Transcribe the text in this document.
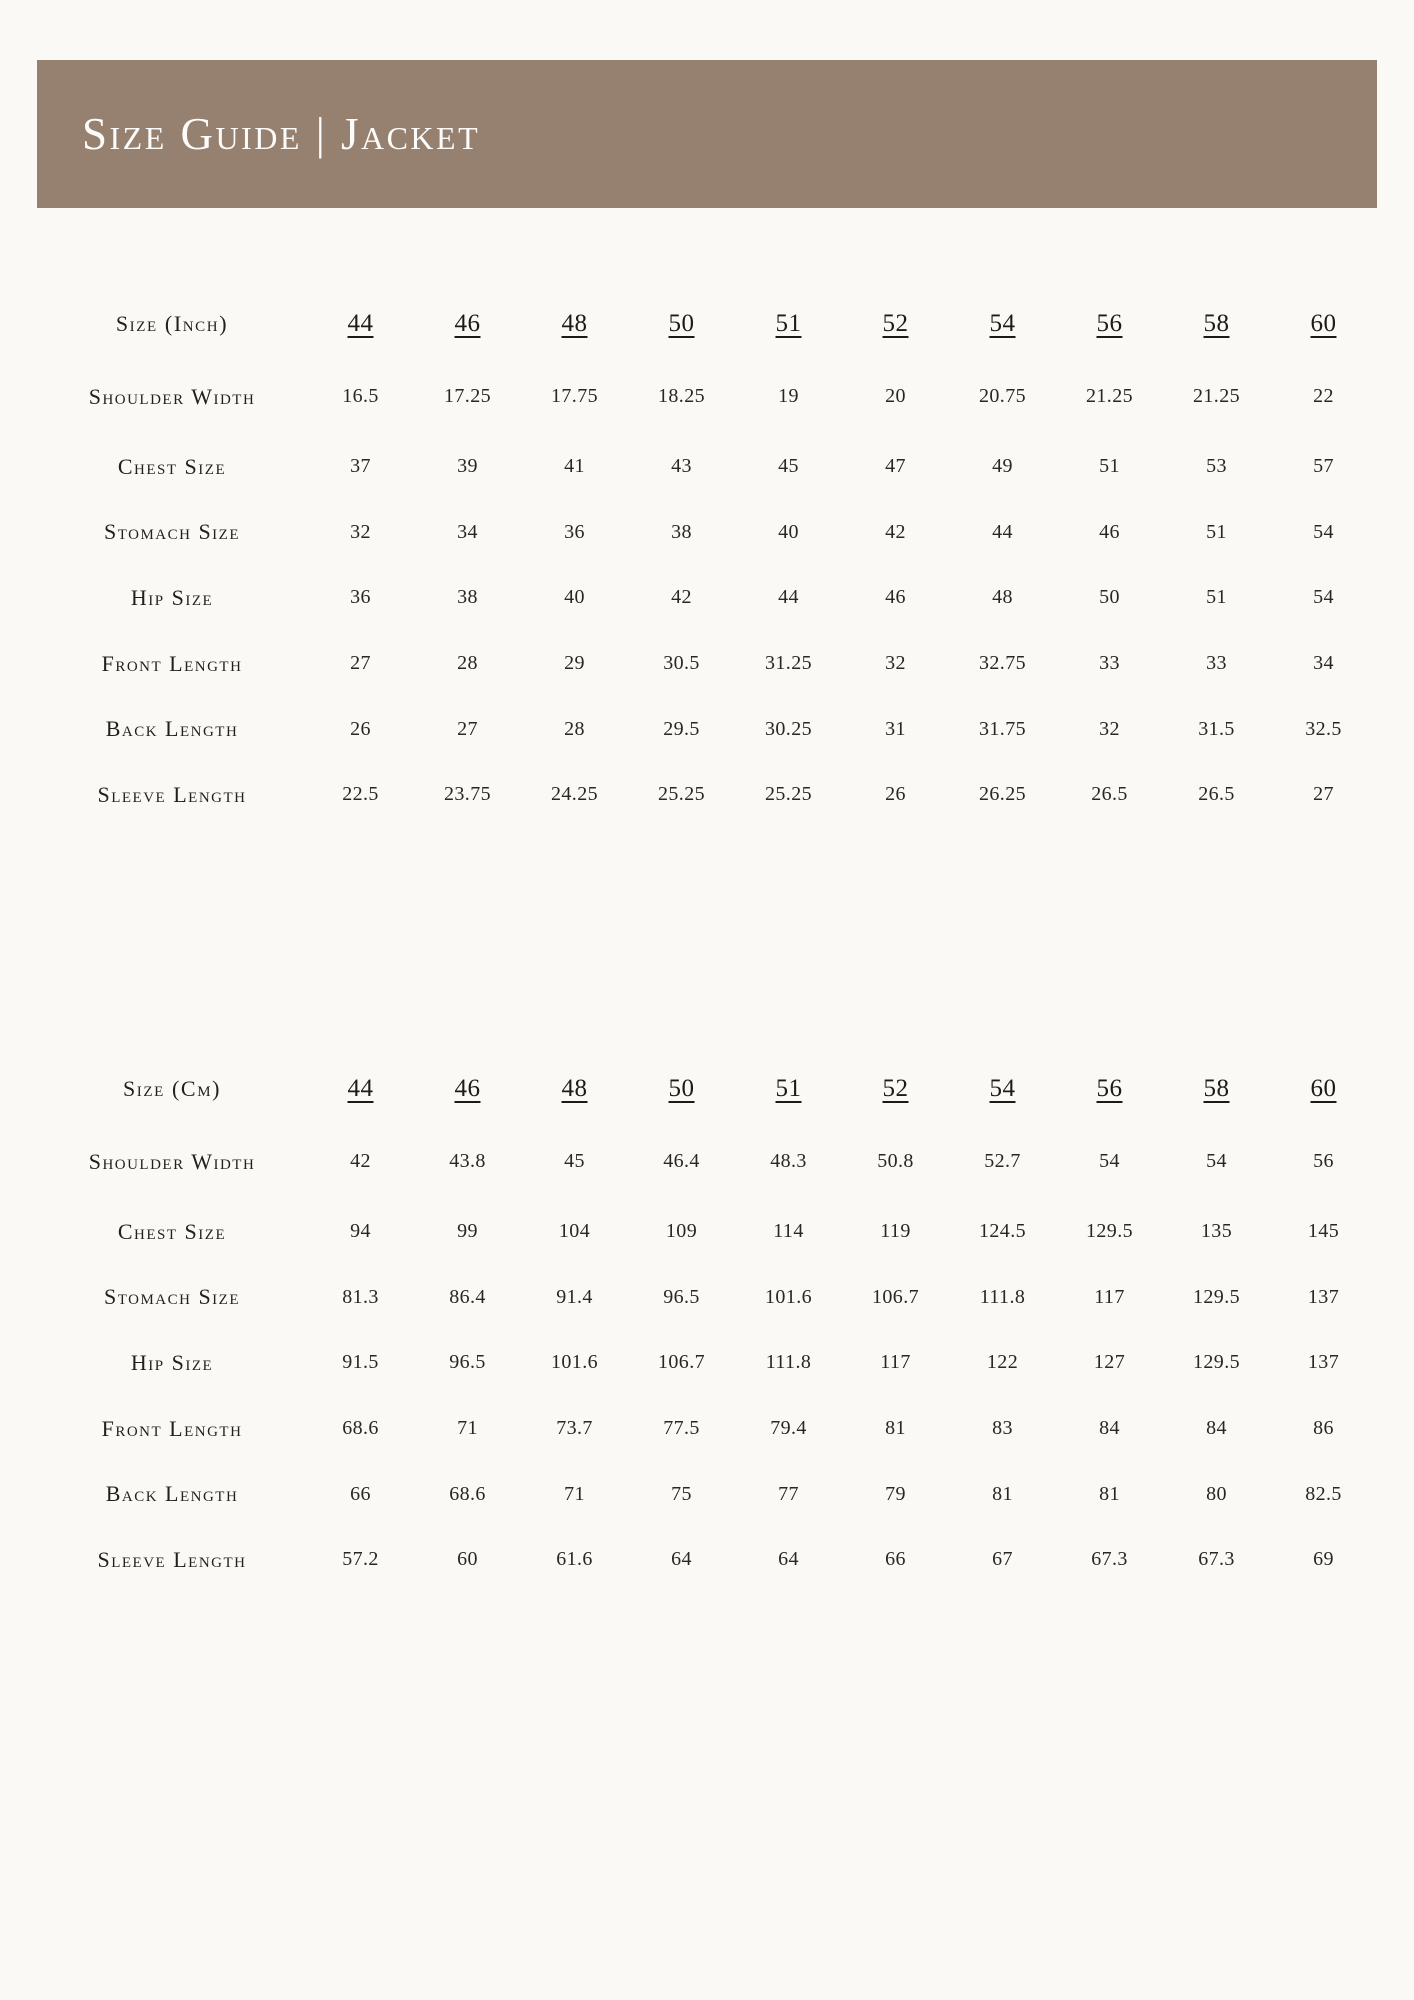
Size Guide | Jacket
Size (Inch)	44	46	48	50	51	52	54	56	58	60
Shoulder Width	16.5	17.25	17.75	18.25	19	20	20.75	21.25	21.25	22
Chest Size	37	39	41	43	45	47	49	51	53	57
Stomach Size	32	34	36	38	40	42	44	46	51	54
Hip Size	36	38	40	42	44	46	48	50	51	54
Front Length	27	28	29	30.5	31.25	32	32.75	33	33	34
Back Length	26	27	28	29.5	30.25	31	31.75	32	31.5	32.5
Sleeve Length	22.5	23.75	24.25	25.25	25.25	26	26.25	26.5	26.5	27
Size (Cm)	44	46	48	50	51	52	54	56	58	60
Shoulder Width	42	43.8	45	46.4	48.3	50.8	52.7	54	54	56
Chest Size	94	99	104	109	114	119	124.5	129.5	135	145
Stomach Size	81.3	86.4	91.4	96.5	101.6	106.7	111.8	117	129.5	137
Hip Size	91.5	96.5	101.6	106.7	111.8	117	122	127	129.5	137
Front Length	68.6	71	73.7	77.5	79.4	81	83	84	84	86
Back Length	66	68.6	71	75	77	79	81	81	80	82.5
Sleeve Length	57.2	60	61.6	64	64	66	67	67.3	67.3	69
